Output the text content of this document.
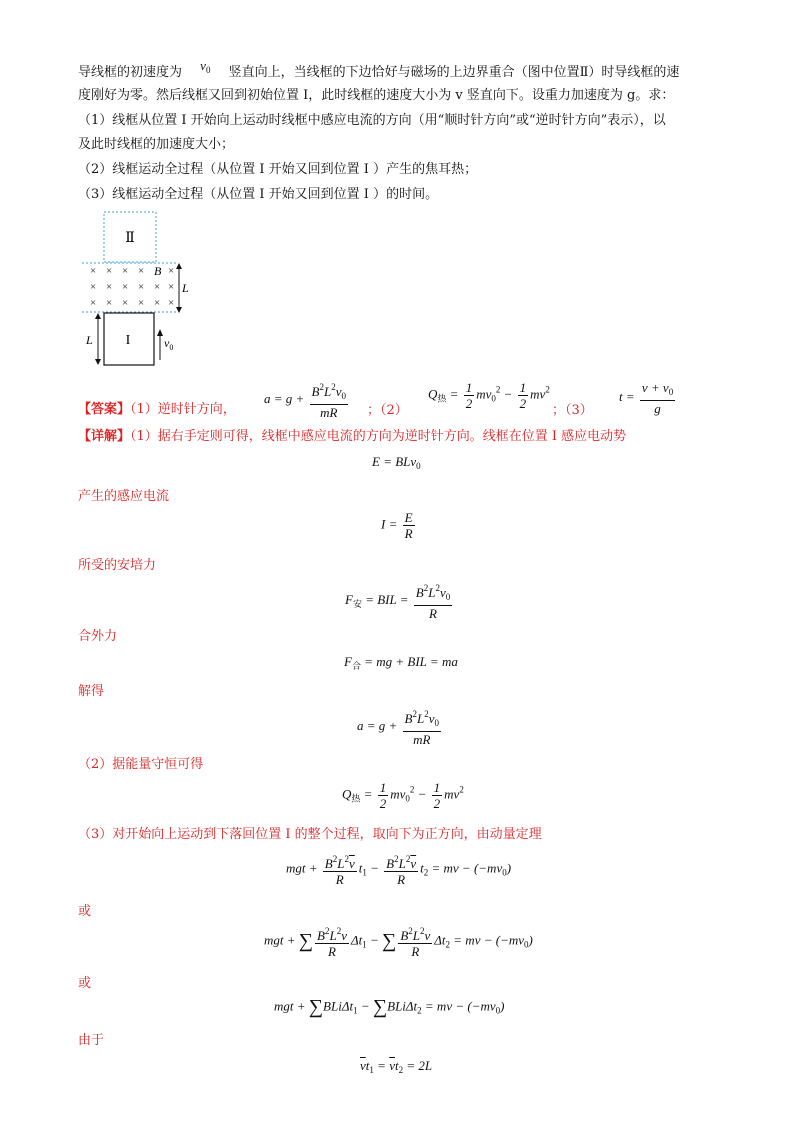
导线框的初速度为 $v_0$ 竖直向上，当线框的下边恰好与磁场的上边界重合（图中位置Ⅱ）时导线框的速
度刚好为零。然后线框又回到初始位置 I，此时线框的速度大小为 v 竖直向下。设重力加速度为 g。求：
（1）线框从位置 I 开始向上运动时线框中感应电流的方向（用“顺时针方向”或“逆时针方向”表示），以
及此时线框的加速度大小；
（2）线框运动全过程（从位置 I 开始又回到位置 I ）产生的焦耳热；
（3）线框运动全过程（从位置 I 开始又回到位置 I ）的时间。
Ⅱ
× × × × ×
× × × × × ×
× × × × × ×
B
L
I
L	$v_0$
【答案】（1）逆时针方向，
$a = g + \frac{B^2L^2v_0}{mR}$ ；（2）
$Q_热 = \frac{1}{2} mv_0^2 - \frac{1}{2} mv^2$
；（3）
$t = \frac{v + v_0}{g}$
【详解】（1）据右手定则可得，线框中感应电流的方向为逆时针方向。线框在位置 I 感应电动势
E = BLv$_0$
产生的感应电流
$I = \frac{E}{R}$
所受的安培力
$F_安$ = BIL = $\frac{B^2L^2v_0}{R}$
合外力
$F_合$ = mg + BIL = ma
解得
$a = g + \frac{B^2L^2v_0}{mR}$
（2）据能量守恒可得
$Q_热 = \frac{1}{2} mv_0^2 - \frac{1}{2} mv^2$
（3）对开始向上运动到下落回位置 I 的整个过程，取向下为正方向，由动量定理
mgt + $\frac{B^2L^2\overline{v}}{R} t_1 - \frac{B^2L^2\overline{v}}{R} t_2$ = mv − $(-mv_0)$
或
mgt + ∑ $\frac{B^2L^2v}{R} \Delta t_1$ − ∑ $\frac{B^2L^2v}{R} \Delta t_2$ = mv − $(-mv_0)$
或
mgt + ∑BLiΔt$_1$ − ∑BLiΔt$_2$ = mv − $(-mv_0)$
由于
$\overline{v}t_1 = \overline{v}t_2 = 2L$
